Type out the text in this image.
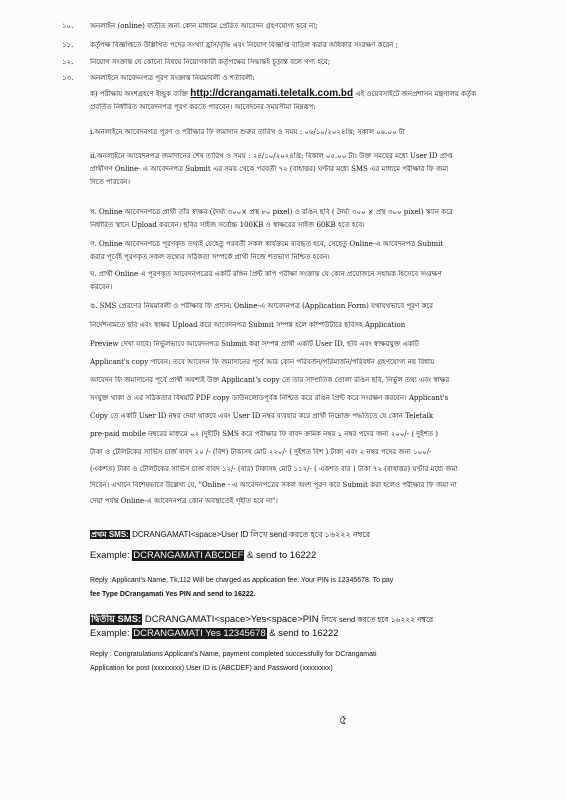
১০. অনলাইন (online) ব্যতীত অন্য কোন মাধ্যমে প্রেরিত আবেদন গ্রহণযোগ্য হবে না;
১১. কর্তৃপক্ষ বিজ্ঞপ্তিতে উল্লিখিত পদের সংখ্যা হ্রাস/বৃদ্ধি এবং নিয়োগ বিজ্ঞপ্তি বাতিল করার অধিকার সংরক্ষণ করেন ;
১২. নিয়োগ সংক্রান্ত যে কোনো বিষয়ে নিয়োগকারী কর্তৃপক্ষের সিদ্ধান্তই চূড়ান্ত বলে গণ্য হবে;
১৩. অনলাইনে আবেদনপত্র পূরণ সংক্রান্ত নিয়মাবলী ও শর্তাবলী:
ক) পরীক্ষায় অংশগ্রহণে ইচ্ছুক ব্যক্তি http://dcrangamati.teletalk.com.bd এই ওয়েবসাইটে জনপ্রশাসন মন্ত্রণালয় কর্তৃক
প্রবর্তিত নির্ধারিত আবেদনপত্র পূরণ করতে পারবেন। আবেদনের সময়সীমা নিম্নরূপ:
i.অনলাইনে আবেদনপত্র পূরণ ও পরীক্ষার ফি জমাদান শুরুর তারিখ ও সময় : ০৬/১০/২০২৪খ্রি; সকাল ০৯.০০ টা
ii.অনলাইনে আবেদনপত্র জমাদানের শেষ তারিখ ও সময় : ২৪/১০/২০২৪খ্রি: বিকাল ০৫.০০ টা। উক্ত সময়ের মধ্যে User ID প্রাপ্ত
প্রার্থীগণ Online- এ আবেদনপত্র Submit এর সময় থেকে পরবর্তী ৭২ (বাহাত্তর) ঘণ্টার মধ্যে SMS এর মাধ্যমে পরীক্ষার ফি জমা
দিতে পারবেন।
খ. Online আবেদনপত্রে প্রার্থী তাঁর স্বাক্ষর (দৈর্ঘ্য ৩০০× প্রস্থ ৮০ pixel) ও রঙিন ছবি ( দৈর্ঘ্য ৩০০ × প্রস্থ ৩০০ pixel) স্ক্যান করে
নির্ধারিত স্থানে Upload করবেন। ছবির সাইজ সর্বোচ্চ 100KB ও স্বাক্ষরের সাইজ 60KB হতে হবে।
গ. Online আবেদনপত্রে পূরণকৃত তথ্যই যেহেতু পরবর্তী সকল কার্যক্রমে ব্যবহৃত হবে, সেহেতু Online-এ আবেদনপত্র Submit
করার পূর্বেই পূরণকৃত সকল তথ্যের সঠিকতা সম্পর্কে প্রার্থী নিজে শতভাগ নিশ্চিত হবেন।
ঘ. প্রার্থী Online এ পূরণকৃত আবেদনপত্রের একটি রঙ্গিন প্রিন্ট কপি পরীক্ষা সংক্রান্ত যে কোন প্রয়োজনে সহায়ক হিসেবে সংরক্ষণ
করবেন।
ঙ. SMS প্রেরণের নিয়মাবলী ও পরীক্ষার ফি প্রদান: Online-এ আবেদনপত্র (Application Form) যথাযথভাবে পূরণ করে
নির্দেশনামতে ছবি এবং স্বাক্ষর Upload করে আবেদনপত্র Submit সম্পন্ন হলে কম্পিউটারে ছবিসহ Application
Preview দেখা যাবে। নির্ভুলভাবে আবেদনপত্র Submit করা সম্পন্ন প্রার্থী একটি User ID, ছবি এবং স্বাক্ষরযুক্ত একটি
Applicant's copy পাবেন। তবে আবেদন ফি জমাদানের পূর্বে আর কোন পরিবর্তন/পরিমার্জন/পরিবর্ধন গ্রহণযোগ্য নয় বিধায়
আবেদন ফি জমাদানের পূর্বে প্রার্থী অবশ্যই উক্ত Applicant's copy তে তার সাম্প্রতিক তোলা রঙিন ছবি, নির্ভুল তথ্য এবং স্বাক্ষর
সংযুক্ত থাকা ও এর সঠিকতার বিষয়টি PDF copy ডাউনলোডপূর্বক নিশ্চিত করে রঙিন প্রিন্ট করে সংরক্ষণ করবেন। Applicant's
Copy তে একটি User ID নম্বর দেয়া থাকবে এবং User ID নম্বর ব্যবহার করে প্রার্থী নিম্নোক্ত পদ্ধতিতে যে কোন Teletalk
pre-paid mobile নম্বরের মাধ্যমে ০২ (দুইটি) SMS করে পরীক্ষার ফি বাবদ ক্রমিক নম্বর ১ নম্বর পদের জন্য ২০০/- ( দুইশত )
টাকা ও টেলিটকের সার্ভিস চার্জ বাবদ ২০ /- (বিশ) টাকাসহ মোট ২২০/- ( দুইশত বিশ ) টাকা এবং ২ নম্বর পদের জন্য ১০০/-
(একশত) টাকা ও টেলিটকের সার্ভিস চার্জ বাবদ ১২/- (বার) টাকাসহ মোট ১১২/- ( একশত বার ) টাকা ৭২ (বাহাত্তর) ঘণ্টার মধ্যে জমা
দিবেন। এখানে বিশেষভাবে উল্লেখ্য যে, "Online - এ আবেদনপত্রের সকল অংশ পূরণ করে Submit করা হলেও পরীক্ষার ফি জমা না
দেয়া পর্যন্ত Online-এ আবেদনপত্র কোন অবস্থাতেই গৃহীত হবে না"।
প্রথম SMS: DCRANGAMATI<space>User ID লিখে send করতে হবে ১৬২২২ নম্বরে
Example: DCRANGAMATI ABCDEF & send to 16222
Reply :Applicant's Name, Tk,112 Will be charged as application fee. Your PIN is 12345678. To pay
fee Type DCrangamati Yes PIN and send to 16222.
দ্বিতীয় SMS: DCRANGAMATI<space>Yes<space>PIN লিখে send করতে হবে ১৬২২২ নম্বরে
Example: DCRANGAMATI Yes 12345678 & send to 16222
Reply : Congratulations Applicant's Name, payment completed successfully for DCrangamati
Application for post (xxxxxxxx) User ID is (ABCDEF) and Password (xxxxxxxx)
৫
